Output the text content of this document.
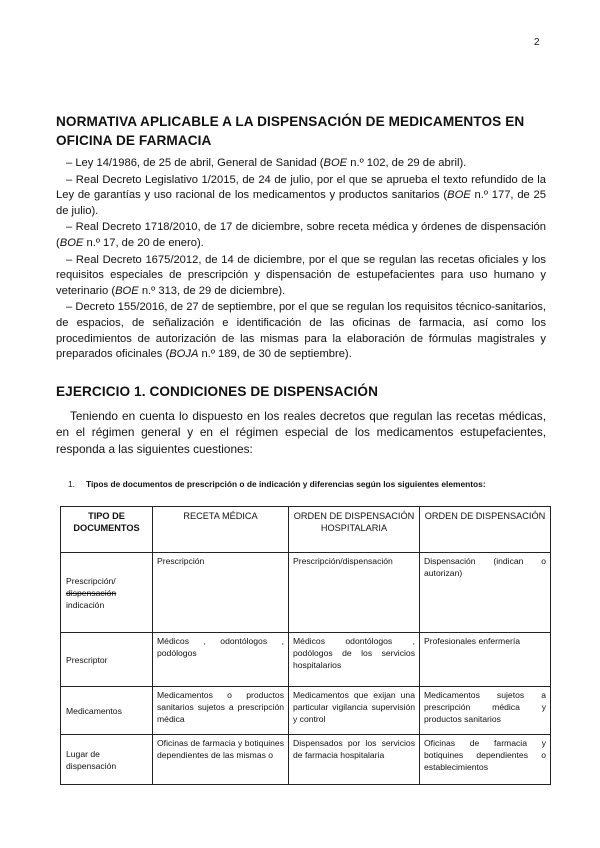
2
NORMATIVA APLICABLE A LA DISPENSACIÓN DE MEDICAMENTOS EN OFICINA DE FARMACIA

– Ley 14/1986, de 25 de abril, General de Sanidad (BOE n.º 102, de 29 de abril).

– Real Decreto Legislativo 1/2015, de 24 de julio, por el que se aprueba el texto refundido de la Ley de garantías y uso racional de los medicamentos y productos sanitarios (BOE n.º 177, de 25 de julio).

– Real Decreto 1718/2010, de 17 de diciembre, sobre receta médica y órdenes de dispensación (BOE n.º 17, de 20 de enero).

– Real Decreto 1675/2012, de 14 de diciembre, por el que se regulan las recetas oficiales y los requisitos especiales de prescripción y dispensación de estupefacientes para uso humano y veterinario (BOE n.º 313, de 29 de diciembre).

– Decreto 155/2016, de 27 de septiembre, por el que se regulan los requisitos técnico-sanitarios, de espacios, de señalización e identificación de las oficinas de farmacia, así como los procedimientos de autorización de las mismas para la elaboración de fórmulas magistrales y preparados oficinales (BOJA n.º 189, de 30 de septiembre).

EJERCICIO 1. CONDICIONES DE DISPENSACIÓN

Teniendo en cuenta lo dispuesto en los reales decretos que regulan las recetas médicas, en el régimen general y en el régimen especial de los medicamentos estupefacientes, responda a las siguientes cuestiones:

1. Tipos de documentos de prescripción o de indicación y diferencias según los siguientes elementos:
TIPO DE DOCUMENTOS	RECETA MÉDICA	ORDEN DE DISPENSACIÓN HOSPITALARIA	ORDEN DE DISPENSACIÓN
Prescripción/
dispensación
indicación	Prescripción	Prescripción/dispensación	Dispensación (indican o autorizan)
Prescriptor	Médicos , odontólogos , podólogos	Médicos odontólogos , podólogos de los servicios hospitalarios	Profesionales enfermería
Medicamentos	Medicamentos o productos sanitarios sujetos a prescripción médica	Medicamentos que exijan una particular vigilancia supervisión y control	Medicamentos sujetos a prescripción médica y productos sanitarios
Lugar de
dispensación	Oficinas de farmacia y botiquines dependientes de las mismas o	Dispensados por los servicios de farmacia hospitalaria	Oficinas de farmacia y botiquines dependientes o establecimientos
